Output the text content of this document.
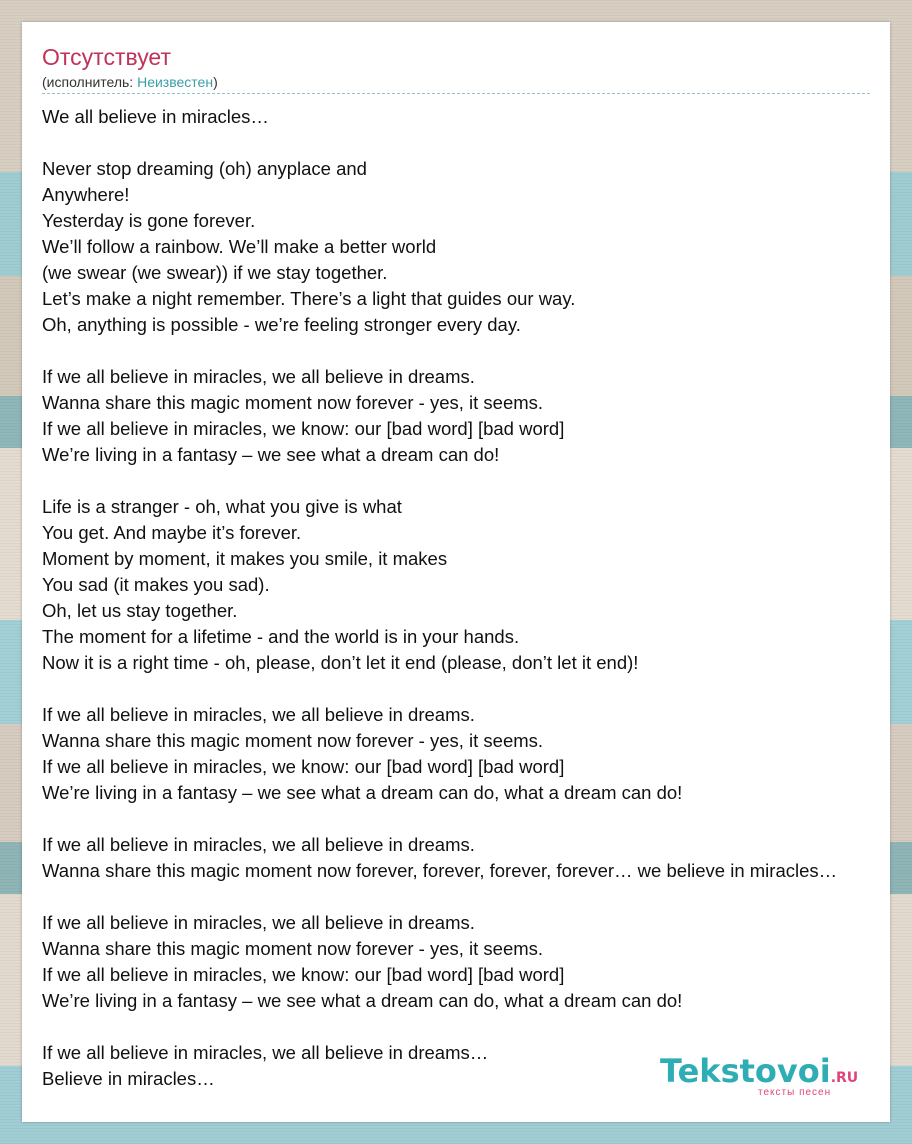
Отсутствует
(исполнитель: Неизвестен)
We all believe in miracles…

Never stop dreaming (oh) anyplace and
Anywhere!
Yesterday is gone forever.
We’ll follow a rainbow. We’ll make a better world
(we swear (we swear)) if we stay together.
Let’s make a night remember. There’s a light that guides our way.
Oh, anything is possible - we’re feeling stronger every day.

If we all believe in miracles, we all believe in dreams.
Wanna share this magic moment now forever - yes, it seems.
If we all believe in miracles, we know: our [bad word] [bad word]
We’re living in a fantasy – we see what a dream can do!

Life is a stranger - oh, what you give is what
You get. And maybe it’s forever.
Moment by moment, it makes you smile, it makes
You sad (it makes you sad).
Oh, let us stay together.
The moment for a lifetime - and the world is in your hands.
Now it is a right time - oh, please, don’t let it end (please, don’t let it end)!

If we all believe in miracles, we all believe in dreams.
Wanna share this magic moment now forever - yes, it seems.
If we all believe in miracles, we know: our [bad word] [bad word]
We’re living in a fantasy – we see what a dream can do, what a dream can do!

If we all believe in miracles, we all believe in dreams.
Wanna share this magic moment now forever, forever, forever, forever… we believe in miracles…

If we all believe in miracles, we all believe in dreams.
Wanna share this magic moment now forever - yes, it seems.
If we all believe in miracles, we know: our [bad word] [bad word]
We’re living in a fantasy – we see what a dream can do, what a dream can do!

If we all believe in miracles, we all believe in dreams…
Believe in miracles…	Tekstovoi.RU
тексты песен
